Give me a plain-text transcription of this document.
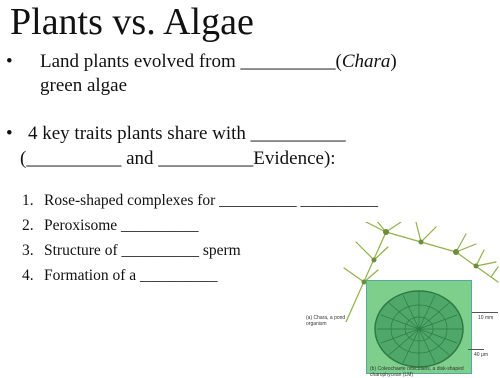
Plants vs. Algae
• Land plants evolved from __________(Chara)
green algae
• 4 key traits plants share with __________
(__________ and __________Evidence):
1. Rose-shaped complexes for __________ __________
2. Peroxisome __________
3. Structure of __________ sperm
4. Formation of a __________
10 mm
40 µm
(a) Chara, a pond organism
(b) Coleochaete orbicularis, a disk-shaped charophycean (LM)
